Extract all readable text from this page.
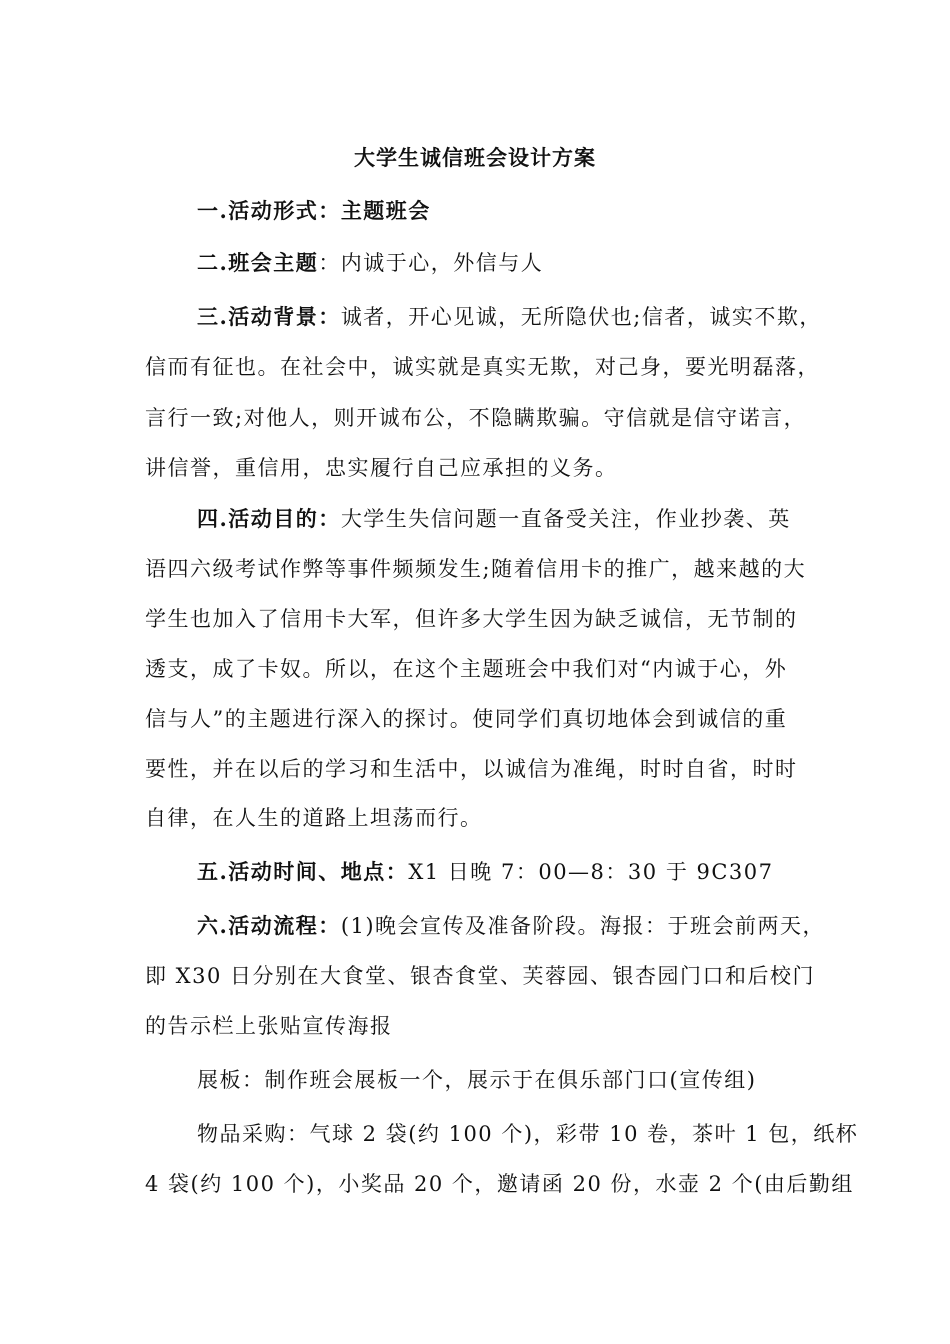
大学生诚信班会设计方案
一.活动形式：主题班会
二.班会主题：内诚于心，外信与人
三.活动背景：诚者，开心见诚，无所隐伏也;信者，诚实不欺，
信而有征也。在社会中，诚实就是真实无欺，对己身，要光明磊落，
言行一致;对他人，则开诚布公，不隐瞒欺骗。守信就是信守诺言，
讲信誉，重信用，忠实履行自己应承担的义务。
四.活动目的：大学生失信问题一直备受关注，作业抄袭、英
语四六级考试作弊等事件频频发生;随着信用卡的推广，越来越的大
学生也加入了信用卡大军，但许多大学生因为缺乏诚信，无节制的
透支，成了卡奴。所以，在这个主题班会中我们对“内诚于心，外
信与人”的主题进行深入的探讨。使同学们真切地体会到诚信的重
要性，并在以后的学习和生活中，以诚信为准绳，时时自省，时时
自律，在人生的道路上坦荡而行。
五.活动时间、地点：X1 日晚 7：00—8：30 于 9C307
六.活动流程：(1)晚会宣传及准备阶段。海报：于班会前两天，
即 X30 日分别在大食堂、银杏食堂、芙蓉园、银杏园门口和后校门
的告示栏上张贴宣传海报
展板：制作班会展板一个，展示于在俱乐部门口(宣传组)
物品采购：气球 2 袋(约 100 个)，彩带 10 卷，茶叶 1 包，纸杯
4 袋(约 100 个)，小奖品 20 个，邀请函 20 份，水壶 2 个(由后勤组
